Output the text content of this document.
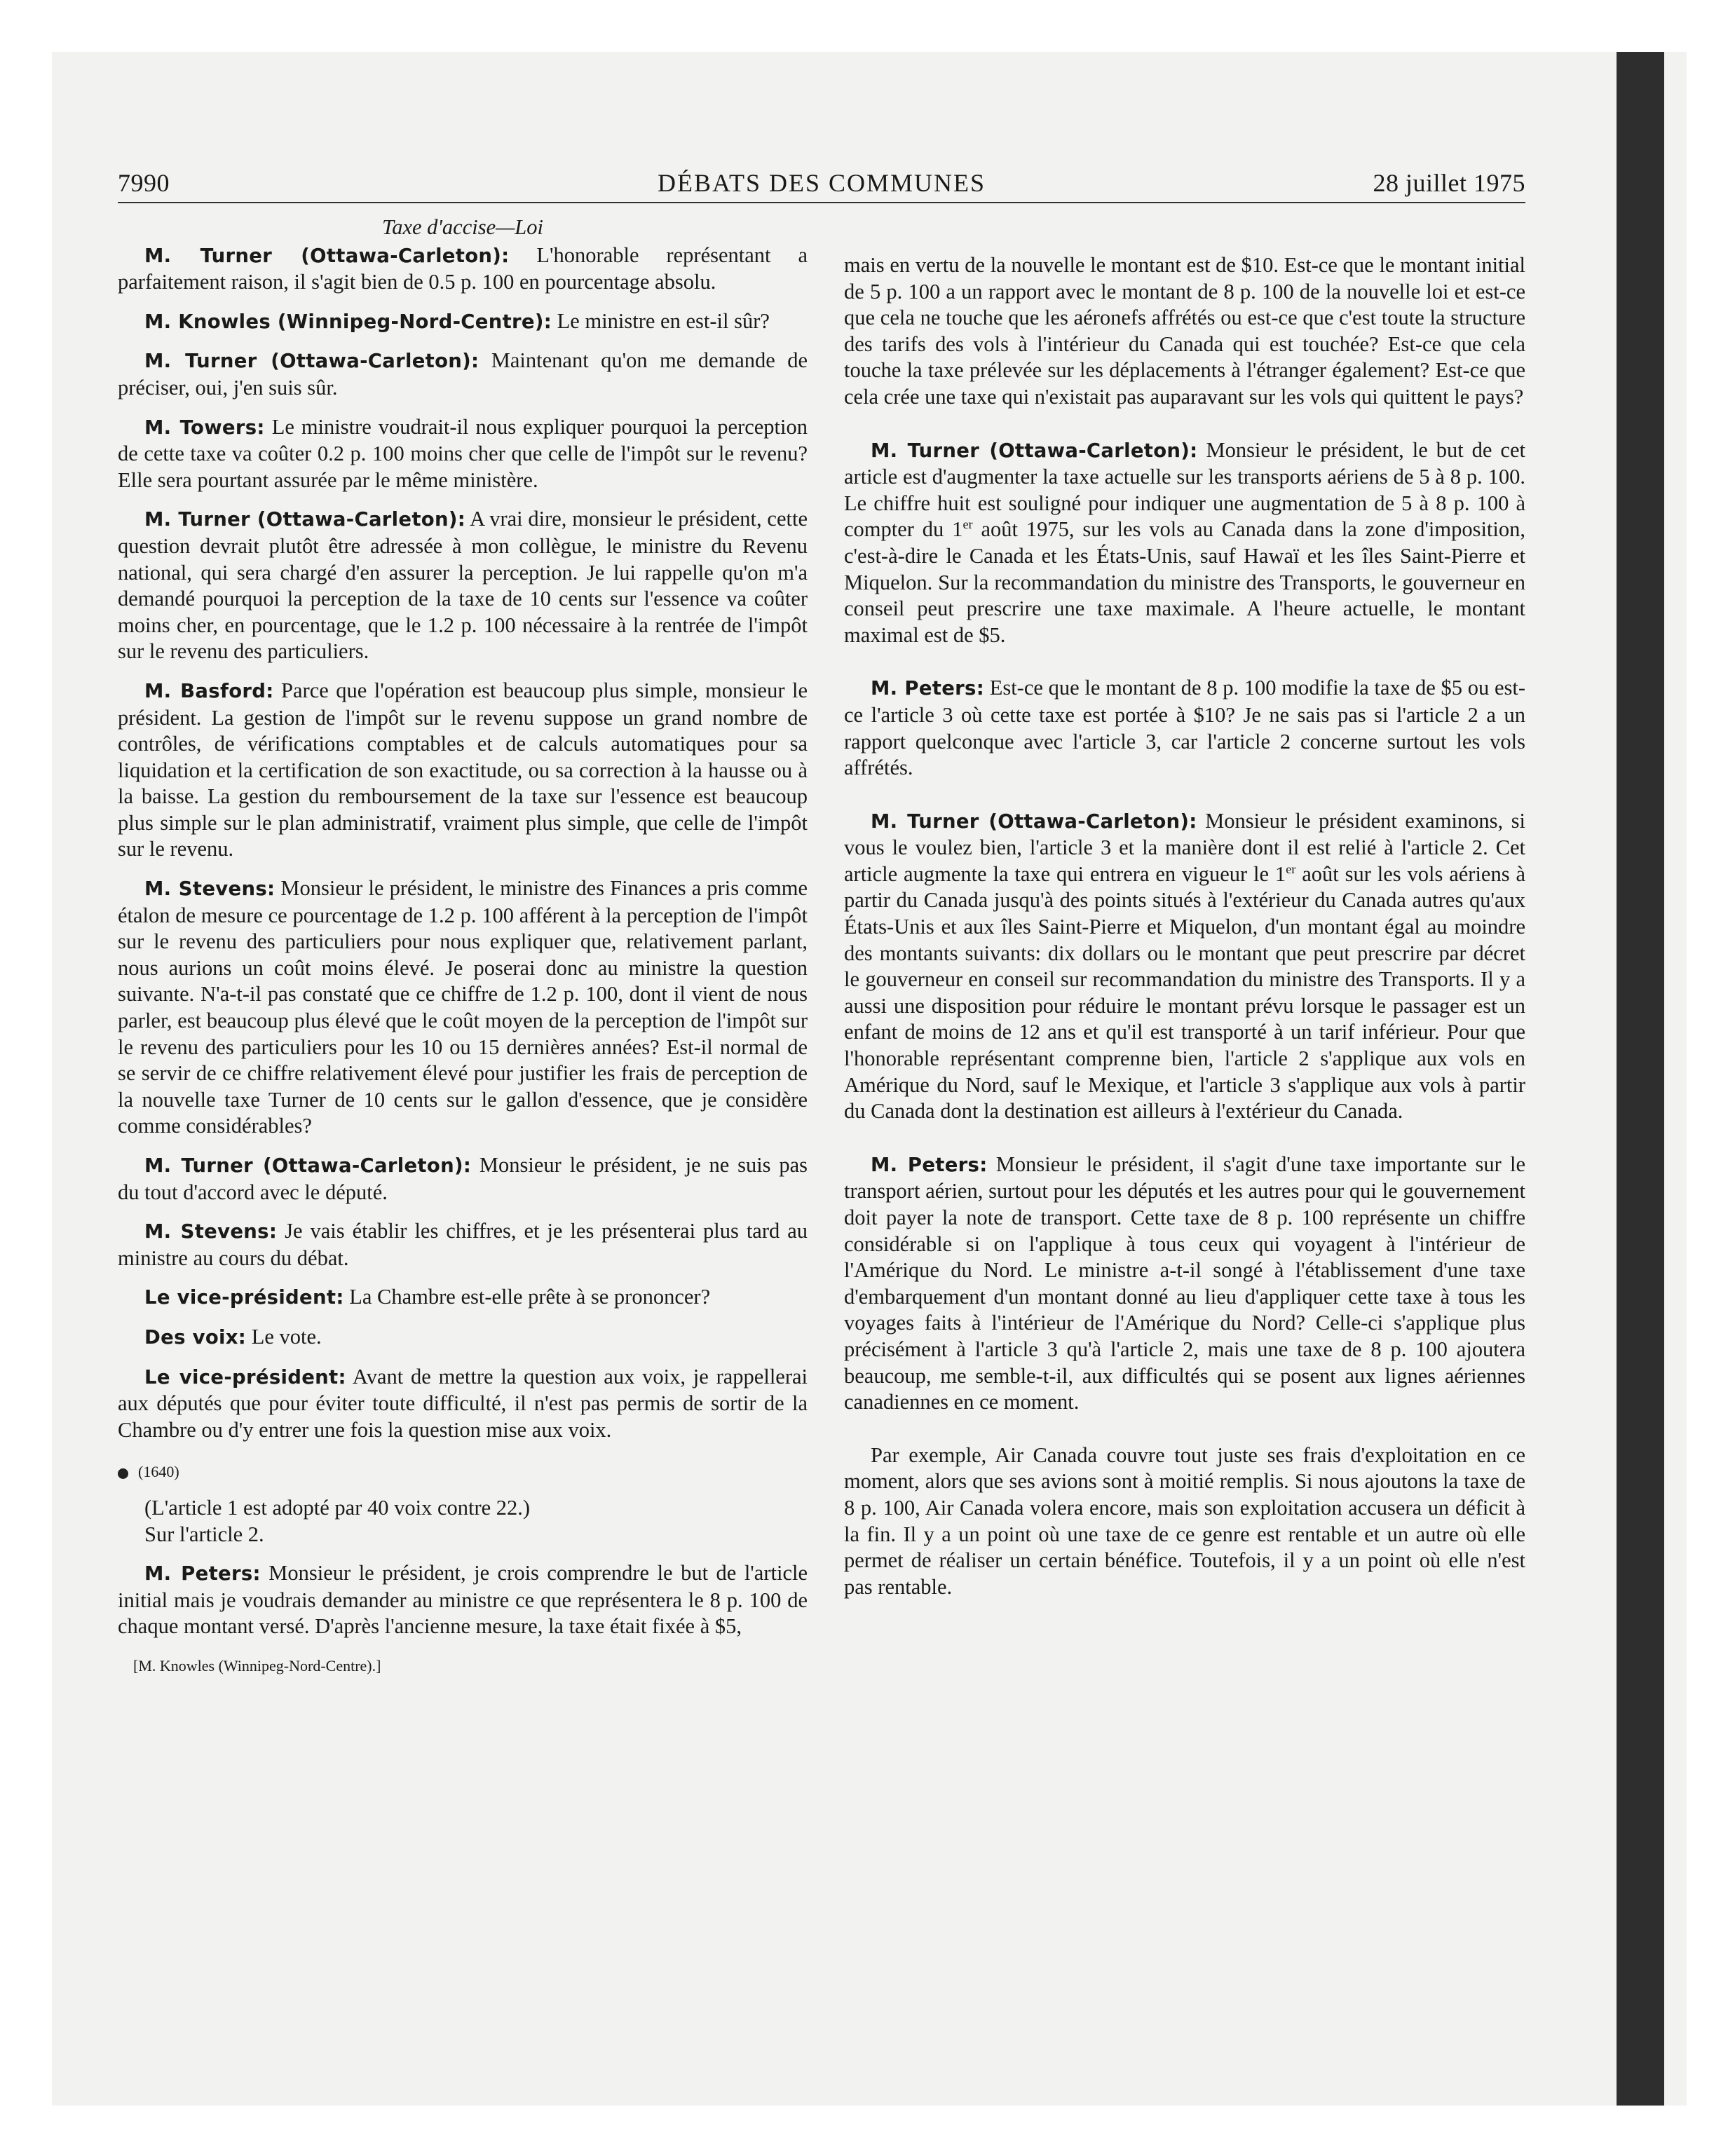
7990	DÉBATS DES COMMUNES	28 juillet 1975
Taxe d'accise—Loi

M. Turner (Ottawa-Carleton): L'honorable représentant a parfaitement raison, il s'agit bien de 0.5 p. 100 en pourcentage absolu.

M. Knowles (Winnipeg-Nord-Centre): Le ministre en est-il sûr?

M. Turner (Ottawa-Carleton): Maintenant qu'on me demande de préciser, oui, j'en suis sûr.

M. Towers: Le ministre voudrait-il nous expliquer pourquoi la perception de cette taxe va coûter 0.2 p. 100 moins cher que celle de l'impôt sur le revenu? Elle sera pourtant assurée par le même ministère.

M. Turner (Ottawa-Carleton): A vrai dire, monsieur le président, cette question devrait plutôt être adressée à mon collègue, le ministre du Revenu national, qui sera chargé d'en assurer la perception. Je lui rappelle qu'on m'a demandé pourquoi la perception de la taxe de 10 cents sur l'essence va coûter moins cher, en pourcentage, que le 1.2 p. 100 nécessaire à la rentrée de l'impôt sur le revenu des particuliers.

M. Basford: Parce que l'opération est beaucoup plus simple, monsieur le président. La gestion de l'impôt sur le revenu suppose un grand nombre de contrôles, de vérifications comptables et de calculs automatiques pour sa liquidation et la certification de son exactitude, ou sa correction à la hausse ou à la baisse. La gestion du remboursement de la taxe sur l'essence est beaucoup plus simple sur le plan administratif, vraiment plus simple, que celle de l'impôt sur le revenu.

M. Stevens: Monsieur le président, le ministre des Finances a pris comme étalon de mesure ce pourcentage de 1.2 p. 100 afférent à la perception de l'impôt sur le revenu des particuliers pour nous expliquer que, relativement parlant, nous aurions un coût moins élevé. Je poserai donc au ministre la question suivante. N'a-t-il pas constaté que ce chiffre de 1.2 p. 100, dont il vient de nous parler, est beaucoup plus élevé que le coût moyen de la perception de l'impôt sur le revenu des particuliers pour les 10 ou 15 dernières années? Est-il normal de se servir de ce chiffre relativement élevé pour justifier les frais de perception de la nouvelle taxe Turner de 10 cents sur le gallon d'essence, que je considère comme considérables?

M. Turner (Ottawa-Carleton): Monsieur le président, je ne suis pas du tout d'accord avec le député.

M. Stevens: Je vais établir les chiffres, et je les présenterai plus tard au ministre au cours du débat.

Le vice-président: La Chambre est-elle prête à se prononcer?

Des voix: Le vote.

Le vice-président: Avant de mettre la question aux voix, je rappellerai aux députés que pour éviter toute difficulté, il n'est pas permis de sortir de la Chambre ou d'y entrer une fois la question mise aux voix.

(1640)

(L'article 1 est adopté par 40 voix contre 22.)

Sur l'article 2.

M. Peters: Monsieur le président, je crois comprendre le but de l'article initial mais je voudrais demander au ministre ce que représentera le 8 p. 100 de chaque montant versé. D'après l'ancienne mesure, la taxe était fixée à $5,

[M. Knowles (Winnipeg-Nord-Centre).]

mais en vertu de la nouvelle le montant est de $10. Est-ce que le montant initial de 5 p. 100 a un rapport avec le montant de 8 p. 100 de la nouvelle loi et est-ce que cela ne touche que les aéronefs affrétés ou est-ce que c'est toute la structure des tarifs des vols à l'intérieur du Canada qui est touchée? Est-ce que cela touche la taxe prélevée sur les déplacements à l'étranger également? Est-ce que cela crée une taxe qui n'existait pas auparavant sur les vols qui quittent le pays?

M. Turner (Ottawa-Carleton): Monsieur le président, le but de cet article est d'augmenter la taxe actuelle sur les transports aériens de 5 à 8 p. 100. Le chiffre huit est souligné pour indiquer une augmentation de 5 à 8 p. 100 à compter du 1er août 1975, sur les vols au Canada dans la zone d'imposition, c'est-à-dire le Canada et les États-Unis, sauf Hawaï et les îles Saint-Pierre et Miquelon. Sur la recommandation du ministre des Transports, le gouverneur en conseil peut prescrire une taxe maximale. A l'heure actuelle, le montant maximal est de $5.

M. Peters: Est-ce que le montant de 8 p. 100 modifie la taxe de $5 ou est-ce l'article 3 où cette taxe est portée à $10? Je ne sais pas si l'article 2 a un rapport quelconque avec l'article 3, car l'article 2 concerne surtout les vols affrétés.

M. Turner (Ottawa-Carleton): Monsieur le président examinons, si vous le voulez bien, l'article 3 et la manière dont il est relié à l'article 2. Cet article augmente la taxe qui entrera en vigueur le 1er août sur les vols aériens à partir du Canada jusqu'à des points situés à l'extérieur du Canada autres qu'aux États-Unis et aux îles Saint-Pierre et Miquelon, d'un montant égal au moindre des montants suivants: dix dollars ou le montant que peut prescrire par décret le gouverneur en conseil sur recommandation du ministre des Transports. Il y a aussi une disposition pour réduire le montant prévu lorsque le passager est un enfant de moins de 12 ans et qu'il est transporté à un tarif inférieur. Pour que l'honorable représentant comprenne bien, l'article 2 s'applique aux vols en Amérique du Nord, sauf le Mexique, et l'article 3 s'applique aux vols à partir du Canada dont la destination est ailleurs à l'extérieur du Canada.

M. Peters: Monsieur le président, il s'agit d'une taxe importante sur le transport aérien, surtout pour les députés et les autres pour qui le gouvernement doit payer la note de transport. Cette taxe de 8 p. 100 représente un chiffre considérable si on l'applique à tous ceux qui voyagent à l'intérieur de l'Amérique du Nord. Le ministre a-t-il songé à l'établissement d'une taxe d'embarquement d'un montant donné au lieu d'appliquer cette taxe à tous les voyages faits à l'intérieur de l'Amérique du Nord? Celle-ci s'applique plus précisément à l'article 3 qu'à l'article 2, mais une taxe de 8 p. 100 ajoutera beaucoup, me semble-t-il, aux difficultés qui se posent aux lignes aériennes canadiennes en ce moment.

Par exemple, Air Canada couvre tout juste ses frais d'exploitation en ce moment, alors que ses avions sont à moitié remplis. Si nous ajoutons la taxe de 8 p. 100, Air Canada volera encore, mais son exploitation accusera un déficit à la fin. Il y a un point où une taxe de ce genre est rentable et un autre où elle permet de réaliser un certain bénéfice. Toutefois, il y a un point où elle n'est pas rentable.
